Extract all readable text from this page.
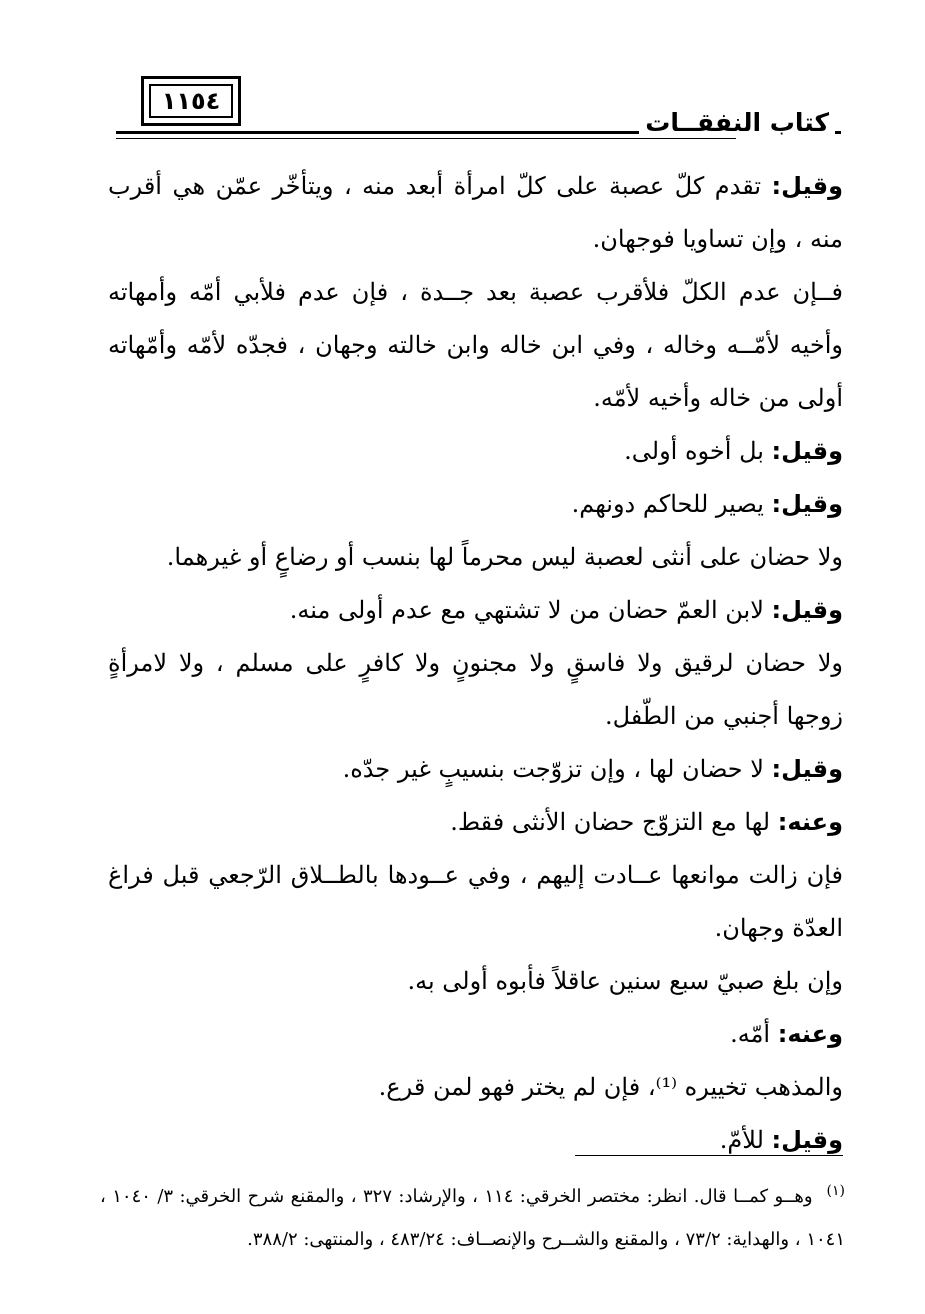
١١٥٤
كتاب النفقــات

وقيل: تقدم كلّ عصبة على كلّ امرأة أبعد منه ، ويتأخّر عمّن هي أقرب منه ، وإن تساويا فوجهان.

فــإن عدم الكلّ فلأقرب عصبة بعد جــدة ، فإن عدم فلأبي أمّه وأمهاته وأخيه لأمّــه وخاله ، وفي ابن خاله وابن خالته وجهان ، فجدّه لأمّه وأمّهاته أولى من خاله وأخيه لأمّه.

وقيل: بل أخوه أولى.

وقيل: يصير للحاكم دونهم.

ولا حضان على أنثى لعصبة ليس محرماً لها بنسب أو رضاعٍ أو غيرهما.

وقيل: لابن العمّ حضان من لا تشتهي مع عدم أولى منه.

ولا حضان لرقيق ولا فاسقٍ ولا مجنونٍ ولا كافرٍ على مسلم ، ولا لامرأةٍ زوجها أجنبي من الطّفل.

وقيل: لا حضان لها ، وإن تزوّجت بنسيبٍ غير جدّه.

وعنه: لها مع التزوّج حضان الأنثى فقط.

فإن زالت موانعها عــادت إليهم ، وفي عــودها بالطــلاق الرّجعي قبل فراغ العدّة وجهان.

وإن بلغ صبيّ سبع سنين عاقلاً فأبوه أولى به.

وعنه: أمّه.

والمذهب تخييره ⁽¹⁾، فإن لم يختر فهو لمن قرع.

وقيل: للأمّ.

$^{(١)}$وهــو كمــا قال. انظر: مختصر الخرقي: ١١٤ ، والإرشاد: ٣٢٧ ، والمقنع شرح الخرقي: ٣/ ١٠٤٠ ، ١٠٤١ ، والهداية: ٧٣/٢ ، والمقنع والشــرح والإنصــاف: ٤٨٣/٢٤ ، والمنتهى: ٣٨٨/٢.
